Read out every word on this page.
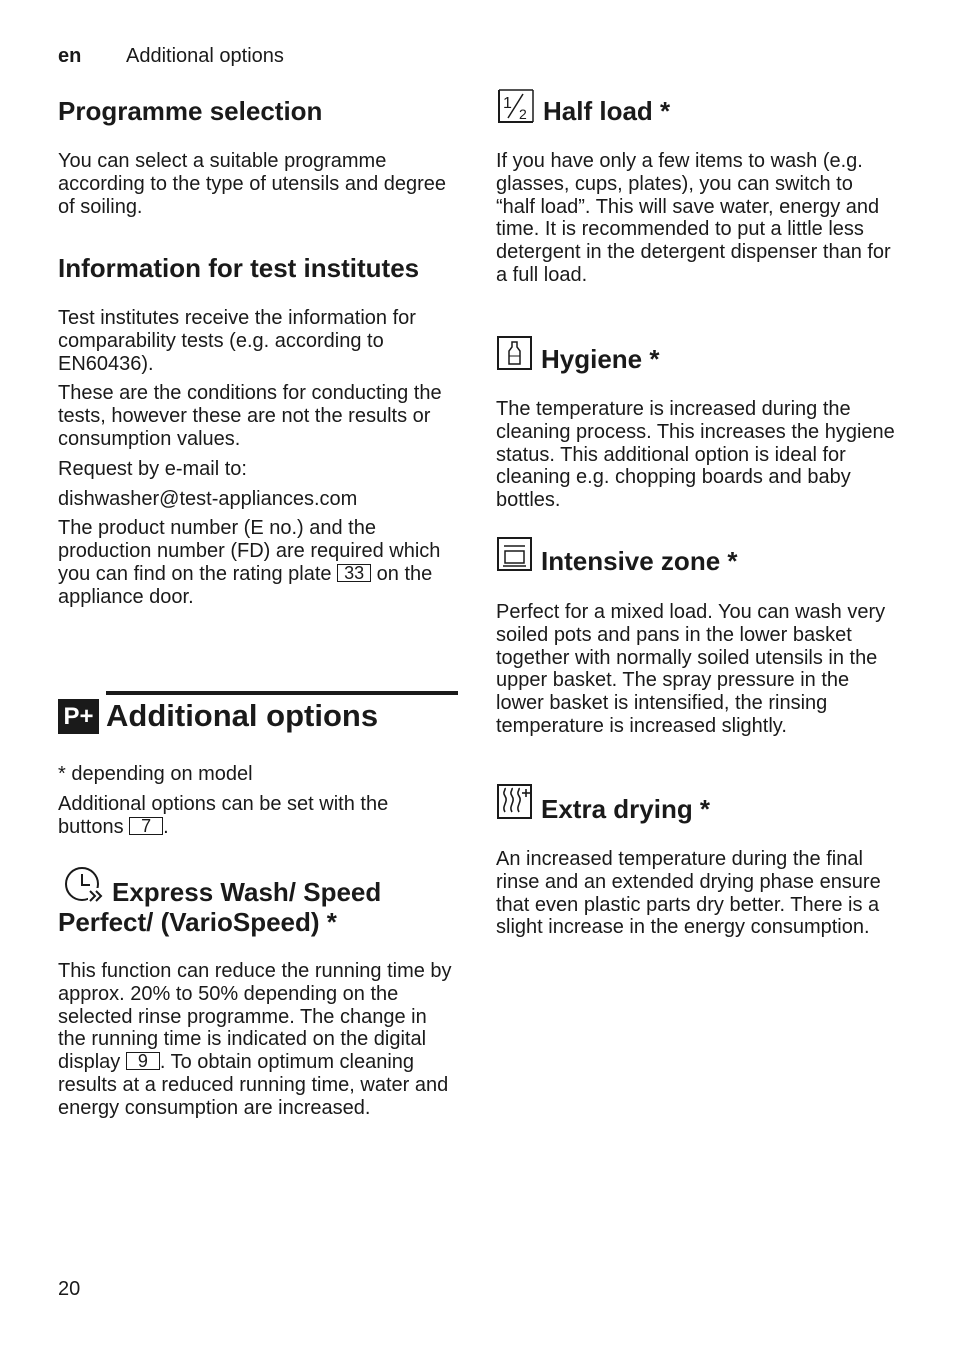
en Additional options
Programme selection
You can select a suitable programme according to the type of utensils and degree of soiling.
Information for test institutes

Test institutes receive the information for comparability tests (e.g. according to EN60436).

These are the conditions for conducting the tests, however these are not the results or consumption values.

Request by e-mail to:

dishwasher@test-appliances.com

The product number (E no.) and the production number (FD) are required which you can find on the rating plate 33 on the appliance door.

P+ Additional options

* depending on model

Additional options can be set with the buttons 7 .

Express Wash/ Speed Perfect/ (VarioSpeed) *
This function can reduce the running time by approx. 20% to 50% depending on the selected rinse programme. The change in the running time is indicated on the digital display 9 . To obtain optimum cleaning results at a reduced running time, water and energy consumption are increased.
1
2 Half load *
If you have only a few items to wash (e.g. glasses, cups, plates), you can switch to “half load”. This will save water, energy and time. It is recommended to put a little less detergent in the detergent dispenser than for a full load.
Hygiene *
The temperature is increased during the cleaning process. This increases the hygiene status. This additional option is ideal for cleaning e.g. chopping boards and baby bottles.
Intensive zone *
Perfect for a mixed load. You can wash very soiled pots and pans in the lower basket together with normally soiled utensils in the upper basket. The spray pressure in the lower basket is intensified, the rinsing temperature is increased slightly.
Extra drying *
An increased temperature during the final rinse and an extended drying phase ensure that even plastic parts dry better. There is a slight increase in the energy consumption.
20
